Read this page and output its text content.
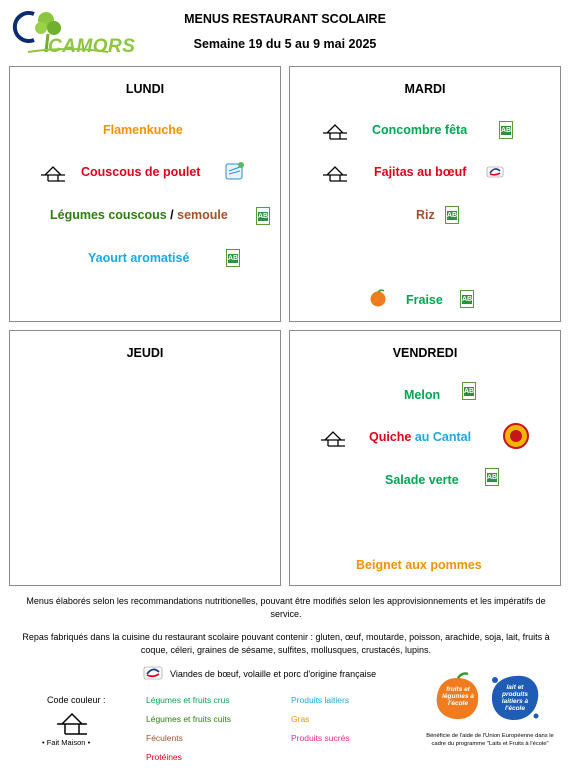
CAMORS
MENUS RESTAURANT SCOLAIRE
Semaine 19 du 5 au 9 mai 2025
LUNDI
Flamenkuche
Couscous de poulet
Légumes couscous / semoule	AB
Yaourt aromatisé	AB
MARDI
Concombre fêta	AB
Fajitas au bœuf
Riz AB
Fraise	AB
JEUDI	VENDREDI
Melon	AB
Quiche au Cantal
Salade verte	AB
Beignet aux pommes
Menus élaborés selon les recommandations nutritionelles, pouvant être modifiés selon les approvisionnements et les impératifs de service.
Repas fabriqués dans la cuisine du restaurant scolaire pouvant contenir : gluten, œuf, moutarde, poisson, arachide, soja, lait, fruits à coque, céleri, graines de sésame, sulfites, mollusques, crustacés, lupins.
Viandes de bœuf, volaille et porc d'origine française
Code couleur :
• Fait Maison •
Légumes et fruits crus
Légumes et fruits cuits
Féculents
Protéines
Produits laitiers
Gras
Produits sucrés
fruits et légumes à l'école
lait et produits laitiers à l'école
Bénéficie de l'aide de l'Union Européenne dans le cadre du programme "Laits et Fruits à l'école"
